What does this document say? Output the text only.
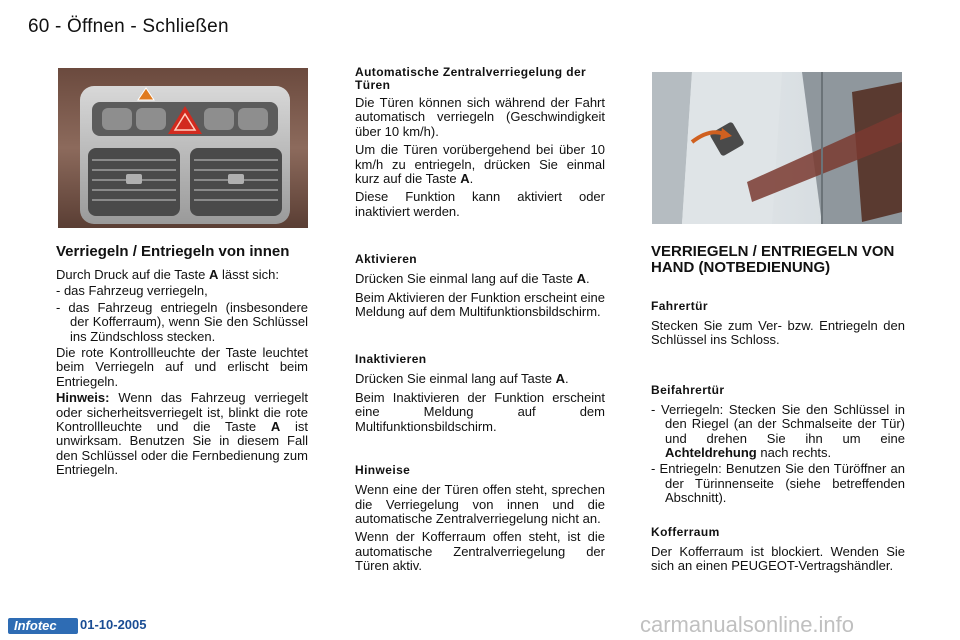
60 - Öffnen - Schließen
Verriegeln / Entriegeln von innen
Durch Druck auf die Taste A lässt sich:
- das Fahrzeug verriegeln,
- das Fahrzeug entriegeln (insbesondere der Kofferraum), wenn Sie den Schlüssel ins Zündschloss stecken.
Die rote Kontrollleuchte der Taste leuchtet beim Verriegeln auf und erlischt beim Entriegeln.
Hinweis: Wenn das Fahrzeug verriegelt oder sicherheitsverriegelt ist, blinkt die rote Kontrollleuchte und die Taste A ist unwirksam. Benutzen Sie in diesem Fall den Schlüssel oder die Fernbedienung zum Entriegeln.
Automatische Zentralverriegelung der Türen
Die Türen können sich während der Fahrt automatisch verriegeln (Geschwindigkeit über 10 km/h).
Um die Türen vorübergehend bei über 10 km/h zu entriegeln, drücken Sie einmal kurz auf die Taste A.
Diese Funktion kann aktiviert oder inaktiviert werden.
Aktivieren
Drücken Sie einmal lang auf die Taste A.
Beim Aktivieren der Funktion erscheint eine Meldung auf dem Multifunktionsbildschirm.
Inaktivieren
Drücken Sie einmal lang auf Taste A.
Beim Inaktivieren der Funktion erscheint eine Meldung auf dem Multifunktionsbildschirm.
Hinweise
Wenn eine der Türen offen steht, sprechen die Verriegelung von innen und die automatische Zentralverriegelung nicht an.
Wenn der Kofferraum offen steht, ist die automatische Zentralverriegelung der Türen aktiv.
VERRIEGELN / ENTRIEGELN VON HAND (NOTBEDIENUNG)
Fahrertür
Stecken Sie zum Ver- bzw. Entriegeln den Schlüssel ins Schloss.
Beifahrertür
- Verriegeln: Stecken Sie den Schlüssel in den Riegel (an der Schmalseite der Tür) und drehen Sie ihn um eine Achteldrehung nach rechts.
- Entriegeln: Benutzen Sie den Türöffner an der Türinnenseite (siehe betreffenden Abschnitt).
Kofferraum
Der Kofferraum ist blockiert. Wenden Sie sich an einen PEUGEOT-Vertragshändler.
Infotec	01-10-2005	carmanualsonline.info
